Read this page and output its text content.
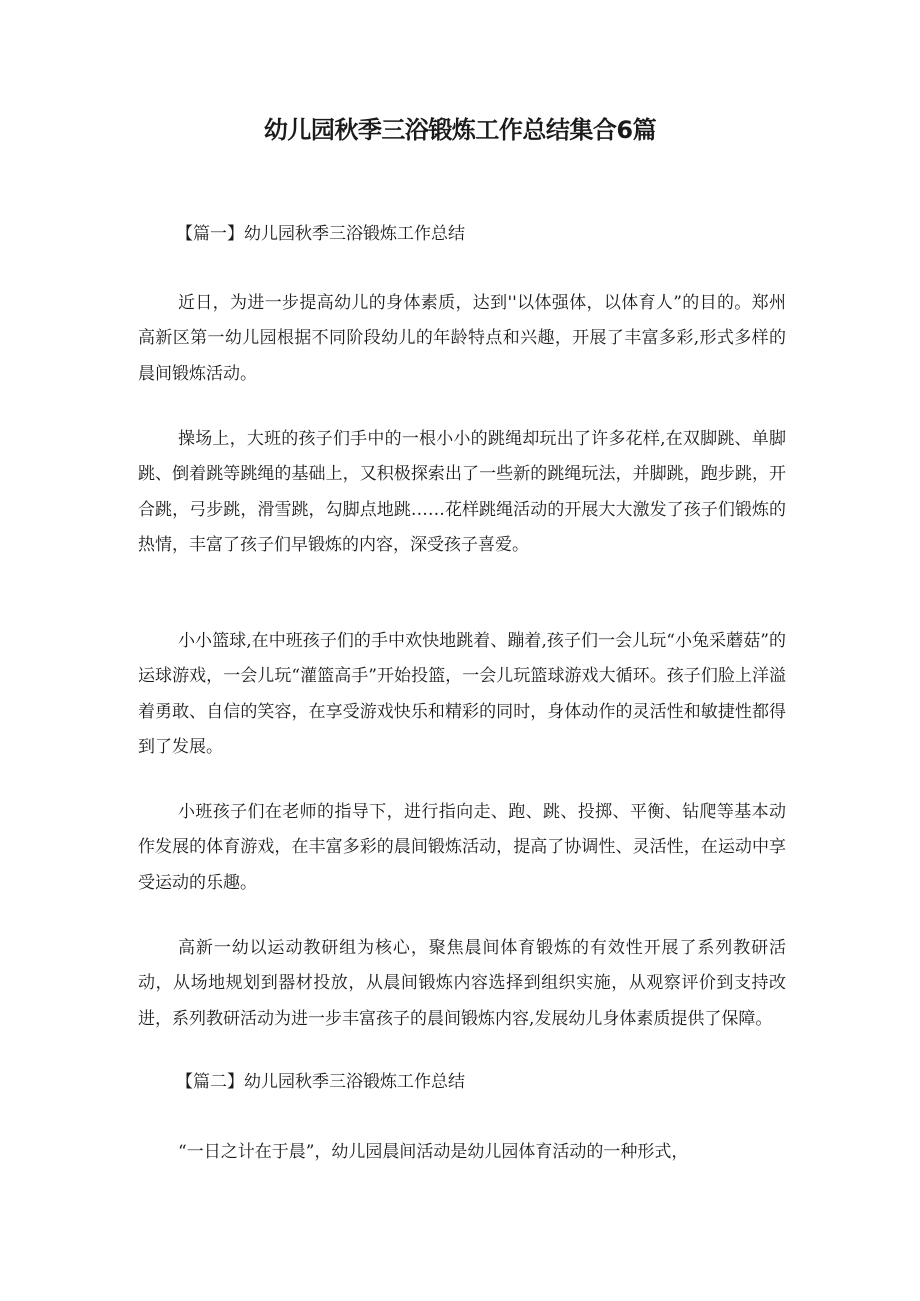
幼儿园秋季三浴锻炼工作总结集合6篇
【篇一】幼儿园秋季三浴锻炼工作总结

近日，为进一步提高幼儿的身体素质，达到''以体强体，以体育人”的目的。郑州高新区第一幼儿园根据不同阶段幼儿的年龄特点和兴趣，开展了丰富多彩,形式多样的晨间锻炼活动。

操场上，大班的孩子们手中的一根小小的跳绳却玩出了许多花样,在双脚跳、单脚跳、倒着跳等跳绳的基础上，又积极探索出了一些新的跳绳玩法，并脚跳，跑步跳，开合跳，弓步跳，滑雪跳，勾脚点地跳……花样跳绳活动的开展大大激发了孩子们锻炼的热情，丰富了孩子们早锻炼的内容，深受孩子喜爱。

小小篮球,在中班孩子们的手中欢快地跳着、蹦着,孩子们一会儿玩“小兔采蘑菇”的运球游戏，一会儿玩“灌篮高手”开始投篮，一会儿玩篮球游戏大循环。孩子们脸上洋溢着勇敢、自信的笑容，在享受游戏快乐和精彩的同时，身体动作的灵活性和敏捷性都得到了发展。

小班孩子们在老师的指导下，进行指向走、跑、跳、投掷、平衡、钻爬等基本动作发展的体育游戏，在丰富多彩的晨间锻炼活动，提高了协调性、灵活性，在运动中享受运动的乐趣。

高新一幼以运动教研组为核心，聚焦晨间体育锻炼的有效性开展了系列教研活动，从场地规划到器材投放，从晨间锻炼内容选择到组织实施，从观察评价到支持改进，系列教研活动为进一步丰富孩子的晨间锻炼内容,发展幼儿身体素质提供了保障。

【篇二】幼儿园秋季三浴锻炼工作总结

“一日之计在于晨”，幼儿园晨间活动是幼儿园体育活动的一种形式，
